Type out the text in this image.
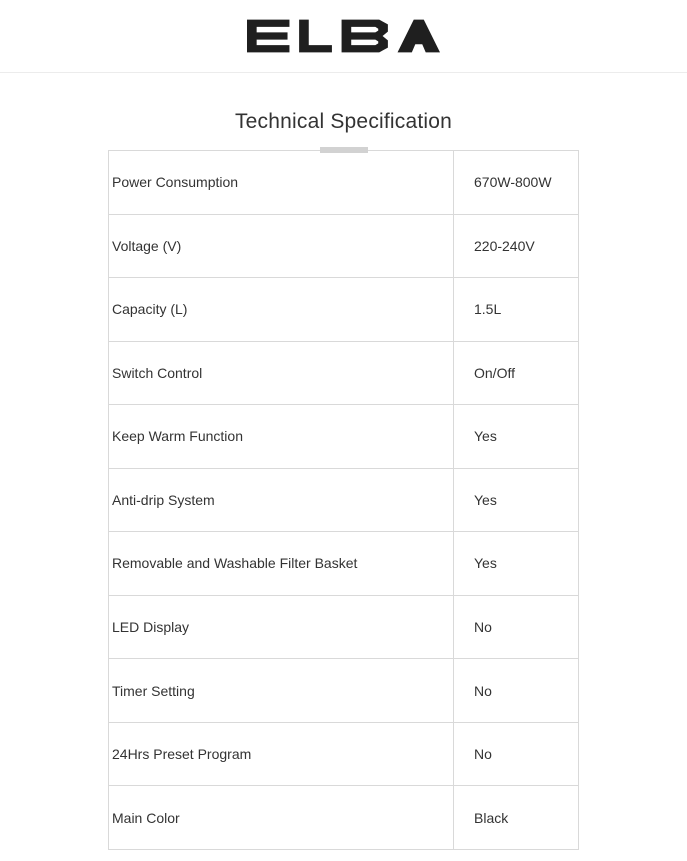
Technical Specification
Power Consumption	670W-800W
Voltage (V)	220-240V
Capacity (L)	1.5L
Switch Control	On/Off
Keep Warm Function	Yes
Anti-drip System	Yes
Removable and Washable Filter Basket	Yes
LED Display	No
Timer Setting	No
24Hrs Preset Program	No
Main Color	Black
